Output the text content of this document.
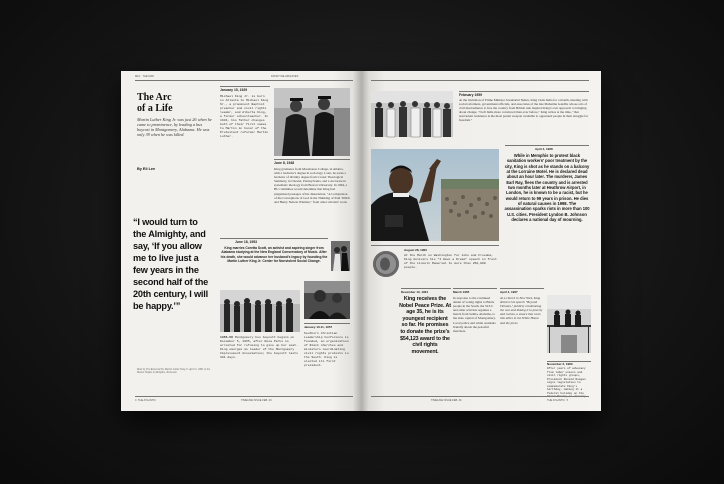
MLK THE MAP	FROM THE ARCHIVES
The Arc
of a Life
Martin Luther King Jr. was just 26 when he came to prominence, by leading a bus boycott in Montgomery, Alabama. He was only 39 when he was killed.
By Eli Lee
“I would turn to the Almighty, and say, ‘If you allow me to live just a few years in the second half of the 20th century, I will be happy.’”
Book by The Reverend Dr. Martin Luther King Jr. April 3, 1968, in the Mason Temple in Memphis, Tennessee.
January 15, 1929
Michael King Jr. is born in Atlanta to Michael King Sr., a prominent Baptist preacher and civil rights leader, and Alberta King, a former schoolteacher. In 1934, his father changes both of their first names to Martin in honor of the Protestant reformer Martin Luther.
June 8, 1948
King graduates from Morehouse College, in Atlanta, with a bachelor's degree in sociology. Later, he earns a bachelor of divinity degree from Crozer Theological Seminary, in Chester, Pennsylvania, and a doctorate in systematic theology from Boston University. In 1994, a BU committee would determine that King had plagiarized passages of his dissertation, "A Comparison of the Conceptions of God in the Thinking of Paul Tillich and Henry Nelson Wieman," from other scholars' work.
June 18, 1953
King marries Coretta Scott, an activist and aspiring singer from Alabama studying at the New England Conservatory of Music. After his death, she would advance her husband's legacy by founding the Martin Luther King Jr. Center for Nonviolent Social Change.
1955-56 Montgomery bus boycott begins on December 5, 1955, after Rosa Parks is arrested for refusing to give up her seat. King emerges as leader of the Montgomery Improvement Association; the boycott lasts 381 days.
January 10-11, 1957
Southern Christian Leadership Conference is founded, an organization of Black churches and ministers coordinating civil rights protests in the South. King is elected its first president.
4  THE ATLANTIC	TIMELINE ISSUE FEB. 26
February 1959
At the invitation of Prime Minister Jawaharlal Nehru, King visits India for a month, meeting with social reformers, government officials, and associates of the late Mahatma Gandhi, whose acts of civil disobedience to free the country from British rule inspired King's own approach to bringing about change. "I left India more convinced than ever before," King writes at the time, "that nonviolent resistance is the most potent weapon available to oppressed people in their struggle for freedom."
August 28, 1963
At the March on Washington for Jobs and Freedom, King delivers his "I Have a Dream" speech in front of the Lincoln Memorial to more than 250,000 people.
December 10, 1964
King receives the Nobel Peace Prize. At age 35, he is its youngest recipient so far. He promises to donate the prize's $54,123 award to the civil rights movement.
March 1965
In response to the continued denial of voting rights to Black people in the South, the SCLC and other activists organize a march from Selma, Alabama, to the state capital of Montgomery. Local police and white residents brutally attack the peaceful marchers.
April 4, 1967
At a church in New York, King delivers his speech "Beyond Vietnam," publicly condemning the war and linking it to poverty and racism, a stance that costs him allies in the White House and the press.
April 4, 1968
While in Memphis to protest black sanitation workers' poor treatment by the city, King is shot as he stands on a balcony at the Lorraine Motel. He is declared dead about an hour later. The murderer, James Earl Ray, flees the country and is arrested two months later at Heathrow Airport, in London, he is known to be a racist, but he would return to 99 years in prison. He dies of natural causes in 1998. The assassination sparks riots in more than 100 U.S. cities. President Lyndon B. Johnson declares a national day of mourning.
November 2, 1983
After years of advocacy from labor unions and civil rights groups, President Ronald Reagan signs legislation to commemorate King's birthday, making it a federal holiday on the third Monday in January.
TIMELINE ISSUE FEB. 26	THE ATLANTIC  5
